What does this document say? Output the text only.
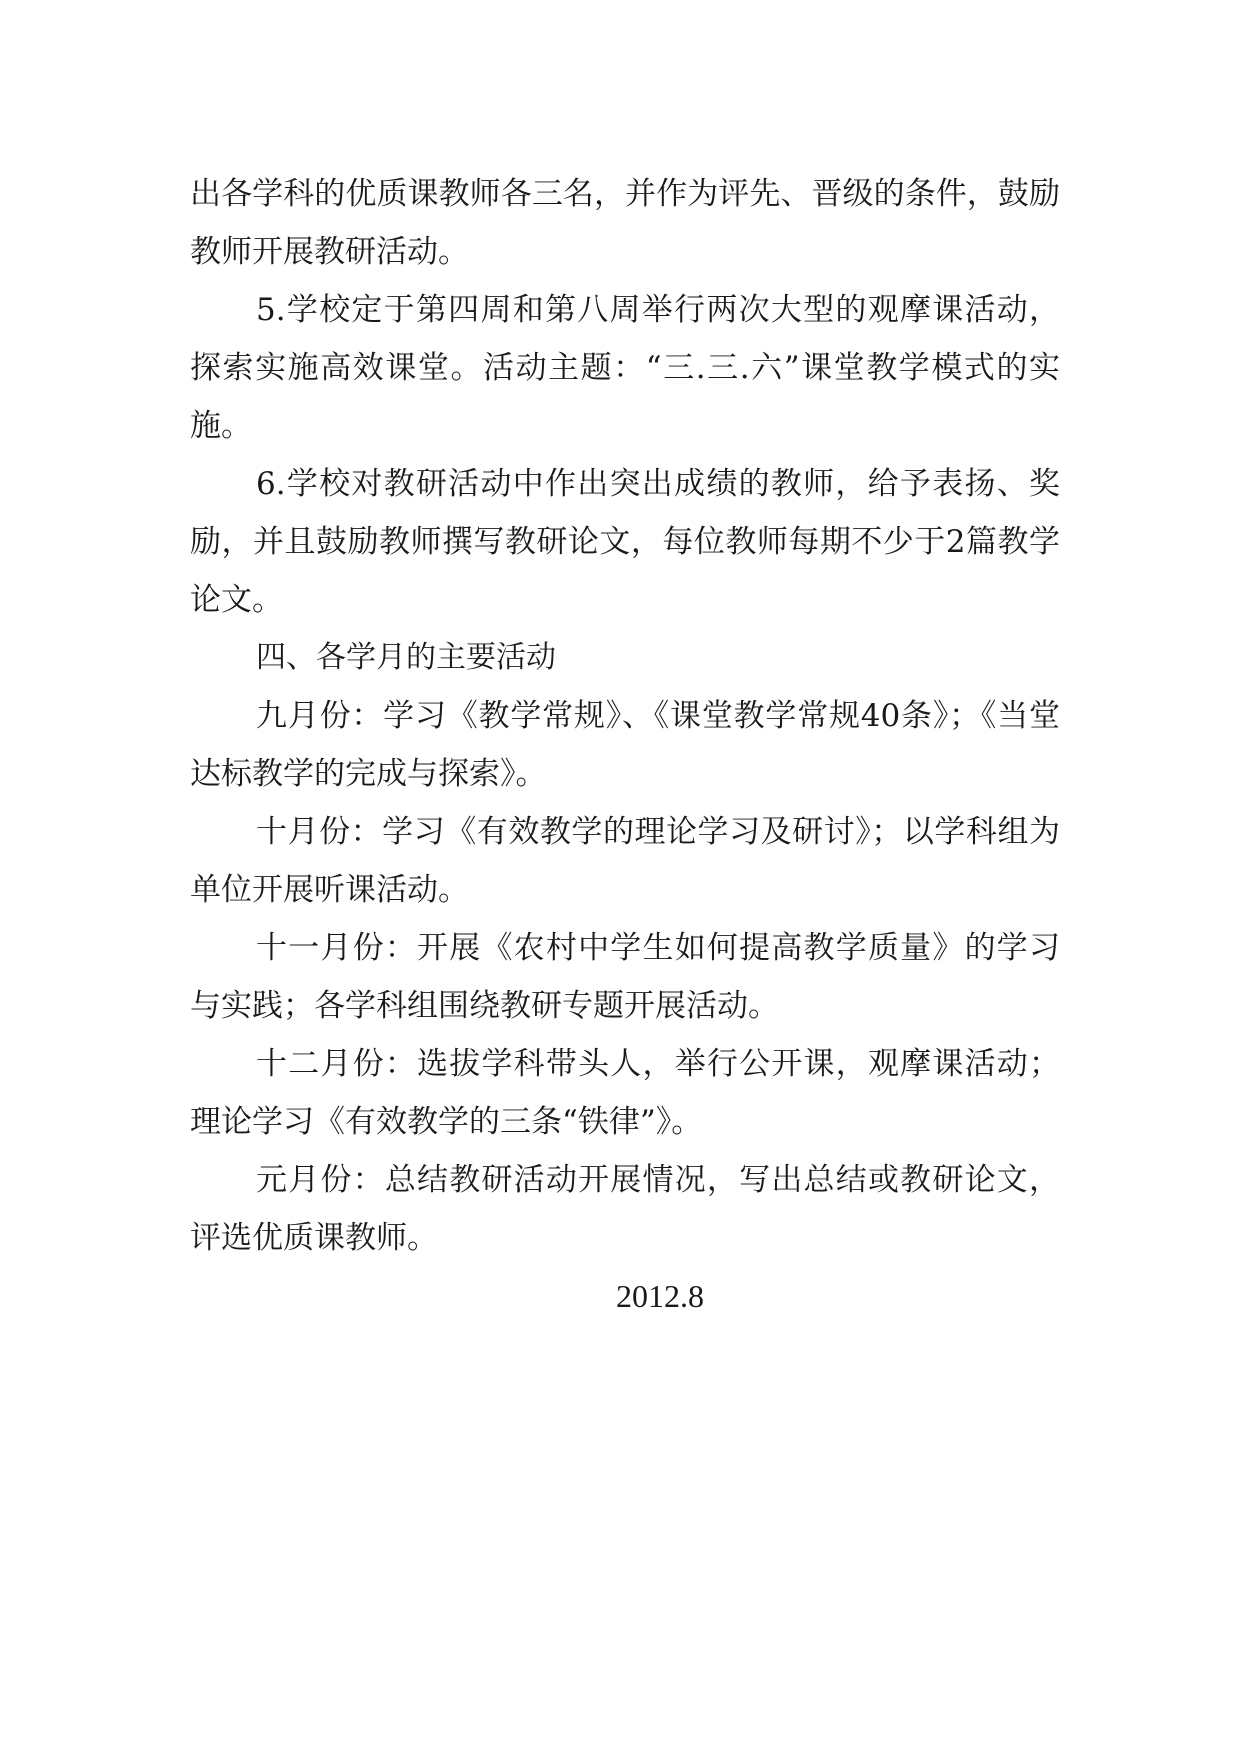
出各学科的优质课教师各三名，并作为评先、晋级的条件，鼓励教师开展教研活动。

5.学校定于第四周和第八周举行两次大型的观摩课活动，探索实施高效课堂。活动主题：“三.三.六”课堂教学模式的实施。

6.学校对教研活动中作出突出成绩的教师，给予表扬、奖励，并且鼓励教师撰写教研论文，每位教师每期不少于2篇教学论文。

四、各学月的主要活动

九月份：学习《教学常规》、《课堂教学常规40条》；《当堂达标教学的完成与探索》。

十月份：学习《有效教学的理论学习及研讨》；以学科组为单位开展听课活动。

十一月份：开展《农村中学生如何提高教学质量》的学习与实践；各学科组围绕教研专题开展活动。

十二月份：选拔学科带头人，举行公开课，观摩课活动；理论学习《有效教学的三条“铁律”》。

元月份：总结教研活动开展情况，写出总结或教研论文，评选优质课教师。

2012.8
